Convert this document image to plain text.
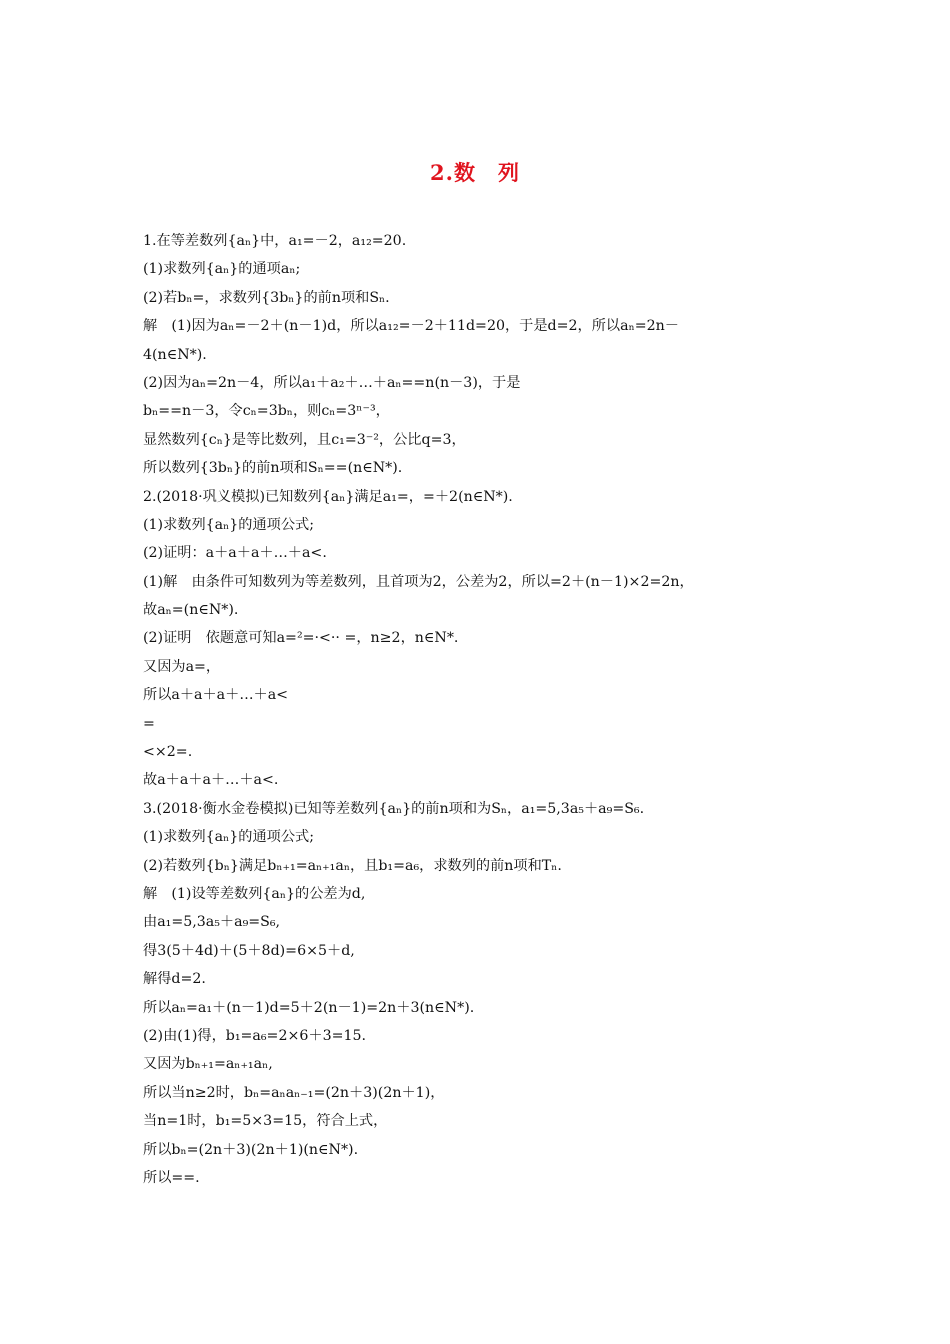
2.数　列
1.在等差数列{aₙ}中，a₁=－2，a₁₂=20.
(1)求数列{aₙ}的通项aₙ;
(2)若bₙ=，求数列{3bₙ}的前n项和Sₙ.
解　(1)因为aₙ=－2＋(n－1)d，所以a₁₂=－2＋11d=20，于是d=2，所以aₙ=2n－
4(n∈N*).
(2)因为aₙ=2n－4，所以a₁＋a₂＋…＋aₙ==n(n－3)，于是
bₙ==n－3，令cₙ=3bₙ，则cₙ=3ⁿ⁻³，
显然数列{cₙ}是等比数列，且c₁=3⁻²，公比q=3，
所以数列{3bₙ}的前n项和Sₙ==(n∈N*).
2.(2018·巩义模拟)已知数列{aₙ}满足a₁=，=＋2(n∈N*).
(1)求数列{aₙ}的通项公式;
(2)证明：a＋a＋a＋…＋a<.
(1)解　由条件可知数列为等差数列，且首项为2，公差为2，所以=2＋(n－1)×2=2n，
故aₙ=(n∈N*).
(2)证明　依题意可知a=²=·<·· =，n≥2，n∈N*.
又因为a=，
所以a＋a＋a＋…＋a<
=
<×2=.
故a＋a＋a＋…＋a<.
3.(2018·衡水金卷模拟)已知等差数列{aₙ}的前n项和为Sₙ，a₁=5,3a₅＋a₉=S₆.
(1)求数列{aₙ}的通项公式;
(2)若数列{bₙ}满足bₙ₊₁=aₙ₊₁aₙ，且b₁=a₆，求数列的前n项和Tₙ.
解　(1)设等差数列{aₙ}的公差为d,
由a₁=5,3a₅＋a₉=S₆,
得3(5＋4d)＋(5＋8d)=6×5＋d,
解得d=2.
所以aₙ=a₁＋(n－1)d=5＋2(n－1)=2n＋3(n∈N*).
(2)由(1)得，b₁=a₆=2×6＋3=15.
又因为bₙ₊₁=aₙ₊₁aₙ,
所以当n≥2时，bₙ=aₙaₙ₋₁=(2n＋3)(2n＋1)，
当n=1时，b₁=5×3=15，符合上式，
所以bₙ=(2n＋3)(2n＋1)(n∈N*).
所以==.
